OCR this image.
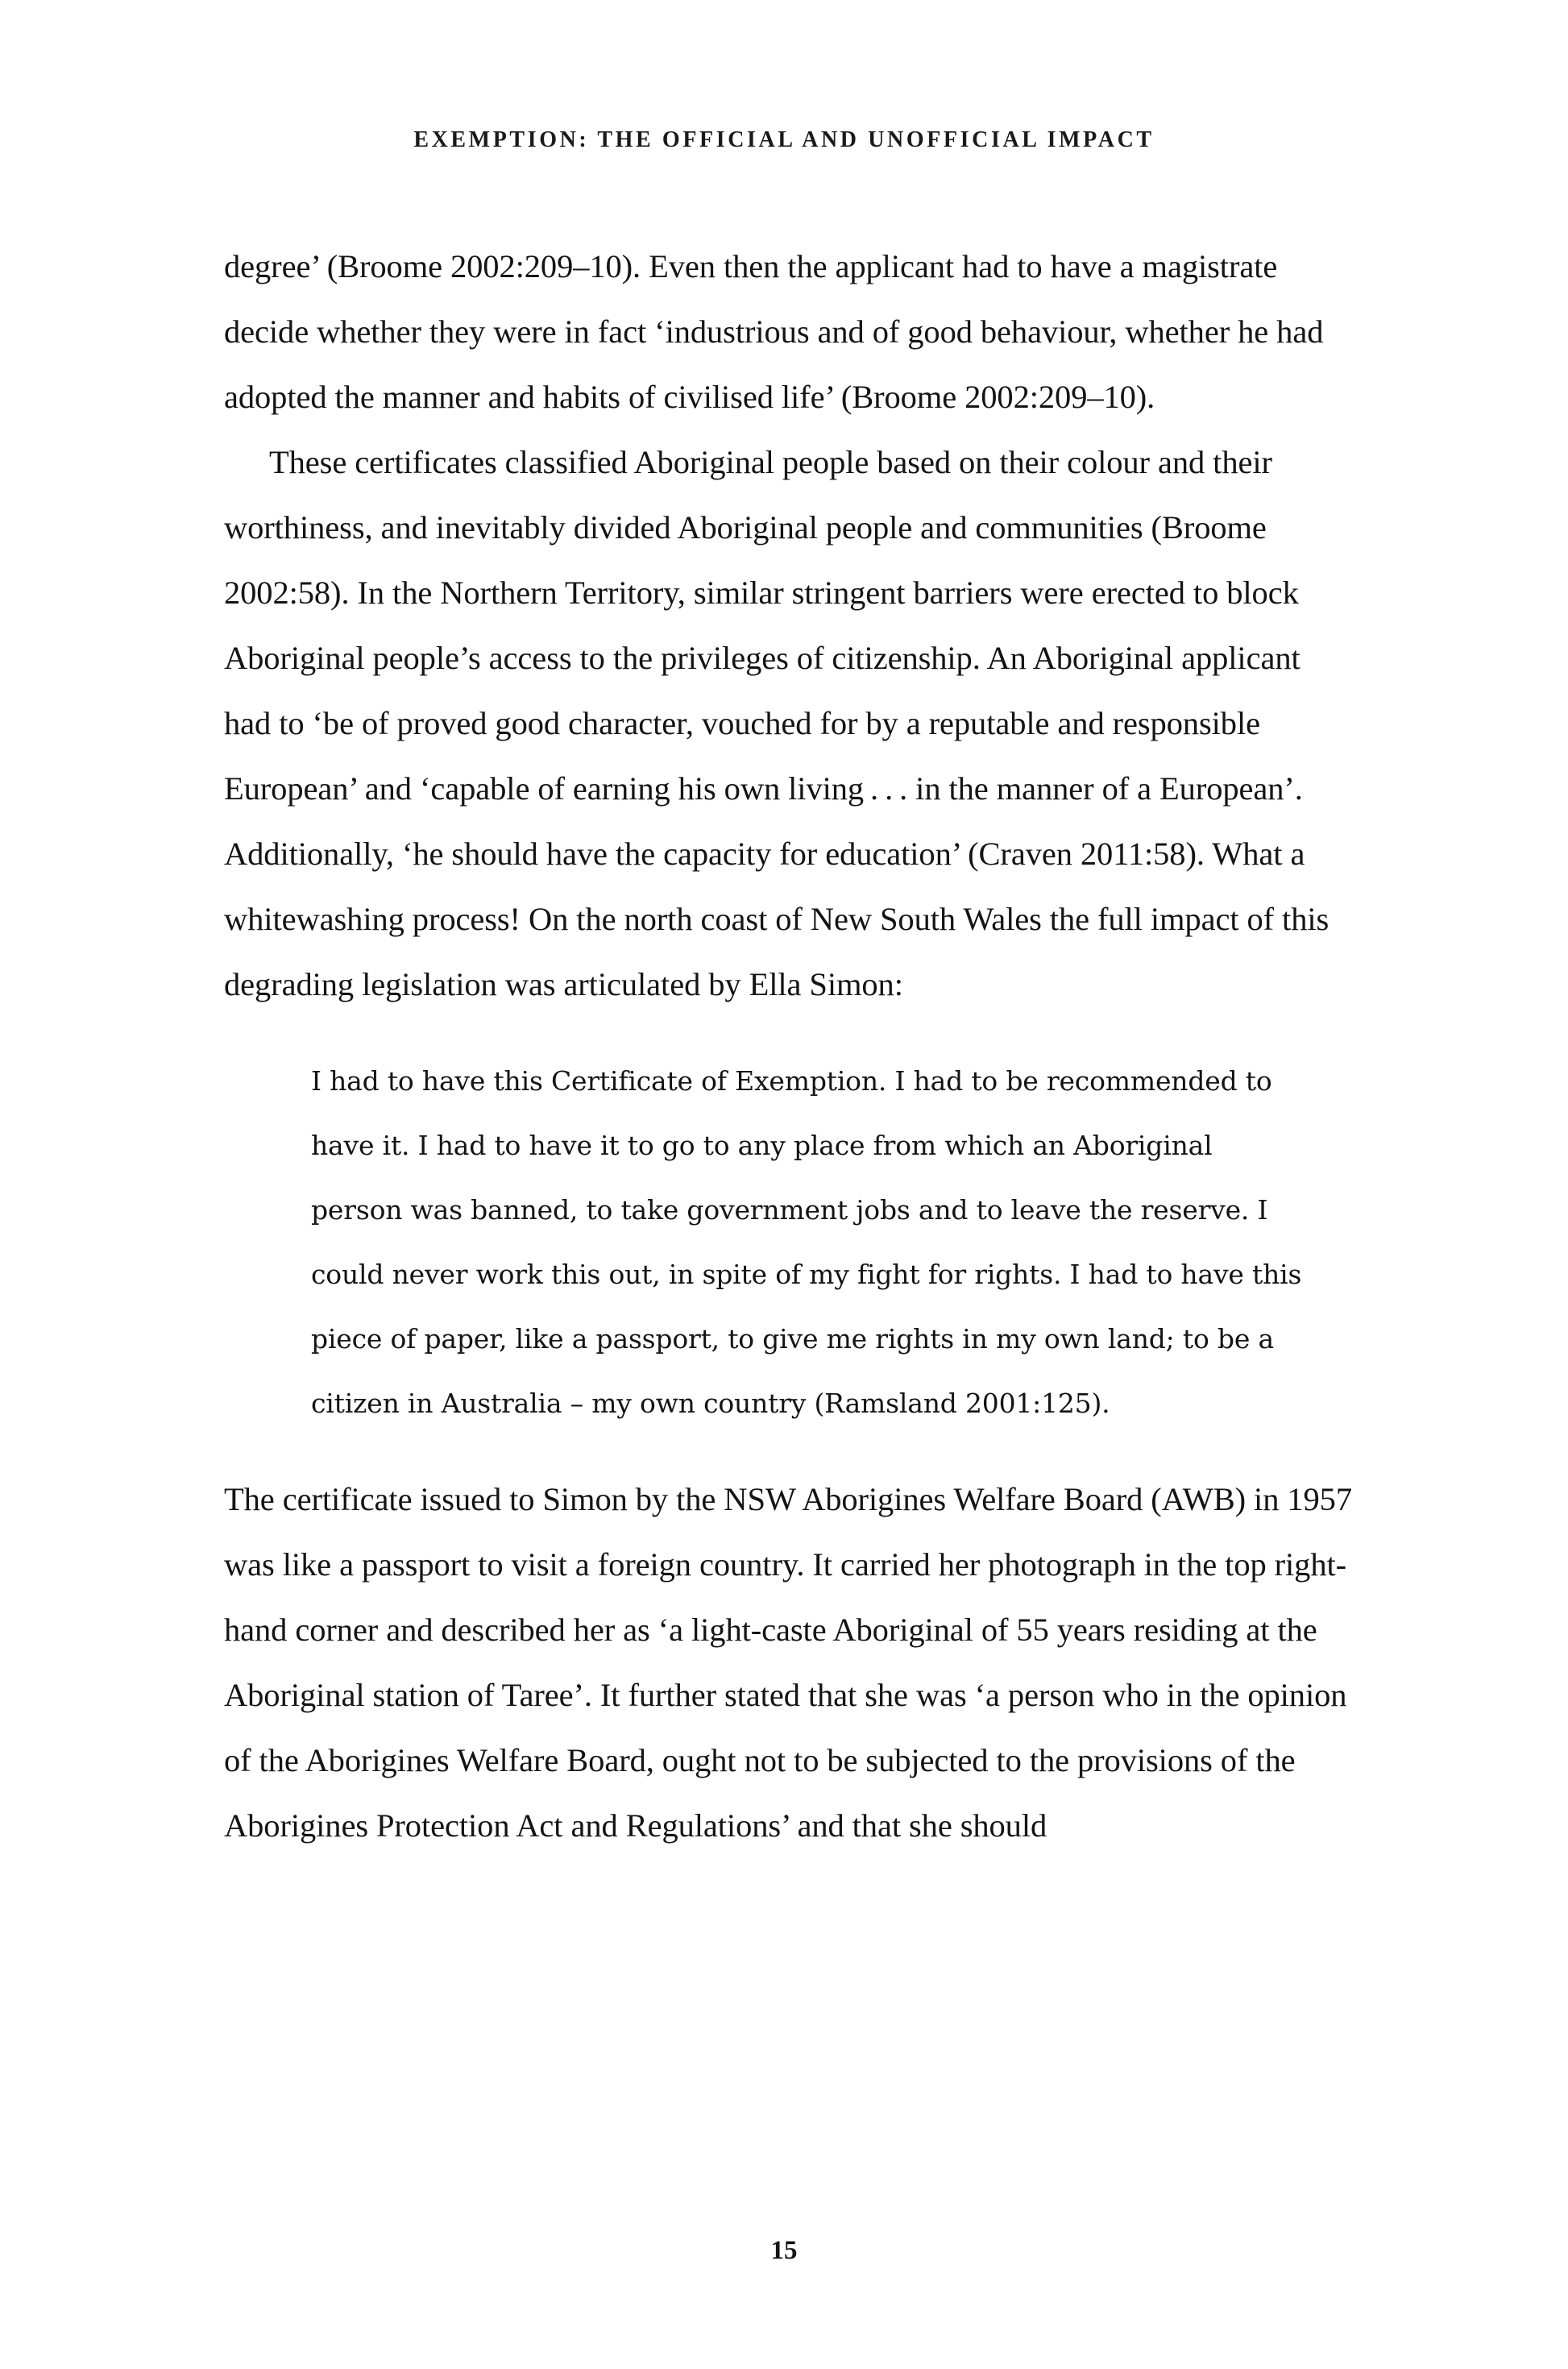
EXEMPTION: THE OFFICIAL AND UNOFFICIAL IMPACT

degree’ (Broome 2002:209–10). Even then the applicant had to have a magistrate decide whether they were in fact ‘industrious and of good behaviour, whether he had adopted the manner and habits of civilised life’ (Broome 2002:209–10).

These certificates classified Aboriginal people based on their colour and their worthiness, and inevitably divided Aboriginal people and communities (Broome 2002:58). In the Northern Territory, similar stringent barriers were erected to block Aboriginal people’s access to the privileges of citizenship. An Aboriginal applicant had to ‘be of proved good character, vouched for by a reputable and responsible European’ and ‘capable of earning his own living . . . in the manner of a European’. Additionally, ‘he should have the capacity for education’ (Craven 2011:58). What a whitewashing process! On the north coast of New South Wales the full impact of this degrading legislation was articulated by Ella Simon:

I had to have this Certificate of Exemption. I had to be recommended to have it. I had to have it to go to any place from which an Aboriginal person was banned, to take government jobs and to leave the reserve. I could never work this out, in spite of my fight for rights. I had to have this piece of paper, like a passport, to give me rights in my own land; to be a citizen in Australia – my own country (Ramsland 2001:125).

The certificate issued to Simon by the NSW Aborigines Welfare Board (AWB) in 1957 was like a passport to visit a foreign country. It carried her photograph in the top right-hand corner and described her as ‘a light-caste Aboriginal of 55 years residing at the Aboriginal station of Taree’. It further stated that she was ‘a person who in the opinion of the Aborigines Welfare Board, ought not to be subjected to the provisions of the Aborigines Protection Act and Regulations’ and that she should

15
